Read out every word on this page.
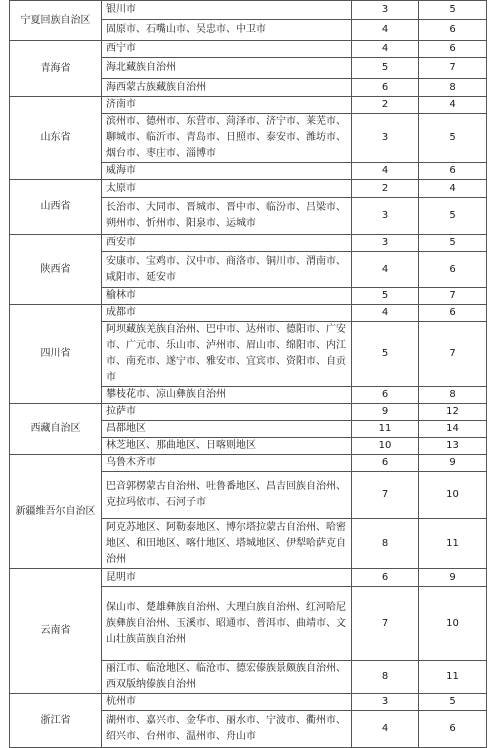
宁夏回族自治区	银川市	3	5
	固原市、石嘴山市、吴忠市、中卫市	4	6
青海省	西宁市	4	6
	海北藏族自治州	5	7
	海西蒙古族藏族自治州	6	8
山东省	济南市	2	4
	滨州市、德州市、东营市、菏泽市、济宁市、莱芜市、聊城市、临沂市、青岛市、日照市、泰安市、潍坊市、烟台市、枣庄市、淄博市	3	5
	威海市	4	6
山西省	太原市	2	4
	长治市、大同市、晋城市、晋中市、临汾市、吕梁市、朔州市、忻州市、阳泉市、运城市	3	5
陕西省	西安市	3	5
	安康市、宝鸡市、汉中市、商洛市、铜川市、渭南市、咸阳市、延安市	4	6
	榆林市	5	7
四川省	成都市	4	6
	阿坝藏族羌族自治州、巴中市、达州市、德阳市、广安市、广元市、乐山市、泸州市、眉山市、绵阳市、内江市、南充市、遂宁市、雅安市、宜宾市、资阳市、自贡市	5	7
	攀枝花市、凉山彝族自治州	6	8
西藏自治区	拉萨市	9	12
	昌都地区	11	14
	林芝地区、那曲地区、日喀则地区	10	13
新疆维吾尔自治区	乌鲁木齐市	6	9
	巴音郭楞蒙古自治州、吐鲁番地区、昌吉回族自治州、克拉玛依市、石河子市	7	10
	阿克苏地区、阿勒泰地区、博尔塔拉蒙古自治州、哈密地区、和田地区、喀什地区、塔城地区、伊犁哈萨克自治州	8	11
云南省	昆明市	6	9
	保山市、楚雄彝族自治州、大理白族自治州、红河哈尼族彝族自治州、玉溪市、昭通市、普洱市、曲靖市、文山壮族苗族自治州	7	10
	丽江市、临沧地区、临沧市、德宏傣族景颇族自治州、西双版纳傣族自治州	8	11
浙江省	杭州市	3	5
	湖州市、嘉兴市、金华市、丽水市、宁波市、衢州市、绍兴市、台州市、温州市、舟山市	4	6
